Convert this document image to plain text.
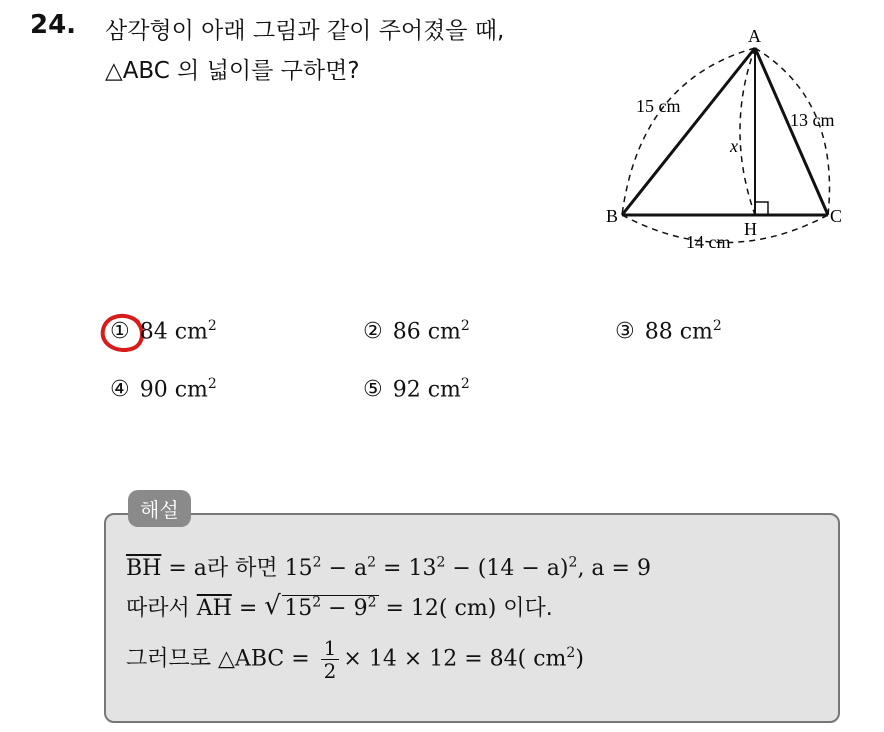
24. 삼각형이 아래 그림과 같이 주어졌을 때,
△ABC 의 넓이를 구하면?
A
B	C
H
15 cm
13 cm
14 cm
x
① 84 $cm^2$	② 86 $cm^2$	③ 88 $cm^2$
④ 90 $cm^2$	⑤ 92 $cm^2$
해설
$\overline{BH} = a$라 하면 $15^2 - a^2 = 13^2 - (14 - a)^2$, a = 9
따라서 $\overline{AH}$ = √ $15^2 - 9^2 = 12$( cm) 이다.
그러므로 △ABC = $\frac{1}{2} \times 14 \times 12 = 84$( $cm^2$)
